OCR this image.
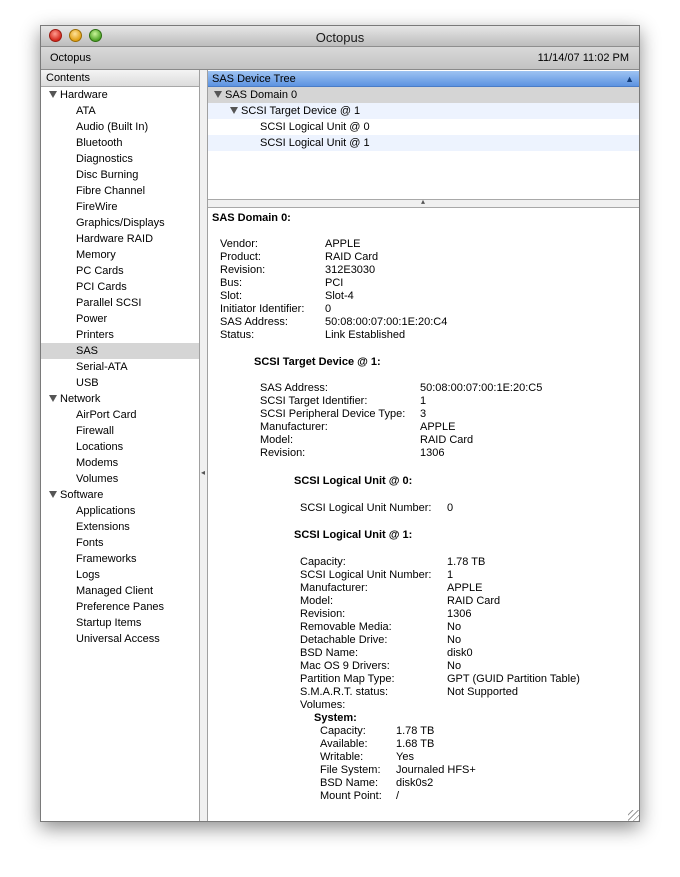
Octopus
Octopus	11/14/07 11:02 PM
Contents
Hardware
ATA
Audio (Built In)
Bluetooth
Diagnostics
Disc Burning
Fibre Channel
FireWire
Graphics/Displays
Hardware RAID
Memory
PC Cards
PCI Cards
Parallel SCSI
Power
Printers
SAS
Serial-ATA
USB
Network
AirPort Card
Firewall
Locations
Modems
Volumes
Software
Applications
Extensions
Fonts
Frameworks
Logs
Managed Client
Preference Panes
Startup Items
Universal Access
◂
SAS Device Tree	▲
SAS Domain 0
SCSI Target Device @ 1
SCSI Logical Unit @ 0
SCSI Logical Unit @ 1
▴
SAS Domain 0:
SCSI Target Device @ 1:
SCSI Logical Unit @ 0:
SCSI Logical Unit @ 1:
System:
Vendor:	APPLE
Product:	RAID Card
Revision:	312E3030
Bus:	PCI
Slot:	Slot-4
Initiator Identifier: 0
SAS Address:	50:08:00:07:00:1E:20:C4
Status:	Link Established
SAS Address:	50:08:00:07:00:1E:20:C5
SCSI Target Identifier:	1
SCSI Peripheral Device Type: 3
Manufacturer:	APPLE
Model:	RAID Card
Revision:	1306
SCSI Logical Unit Number: 0
Capacity:	1.78 TB
SCSI Logical Unit Number: 1
Manufacturer:	APPLE
Model:	RAID Card
Revision:	1306
Removable Media:	No
Detachable Drive:	No
BSD Name:	disk0
Mac OS 9 Drivers:	No
Partition Map Type:	GPT (GUID Partition Table)
S.M.A.R.T. status:	Not Supported
Volumes:
Capacity:	1.78 TB
Available:	1.68 TB
Writable:	Yes
File System: Journaled HFS+
BSD Name: disk0s2
Mount Point: /
